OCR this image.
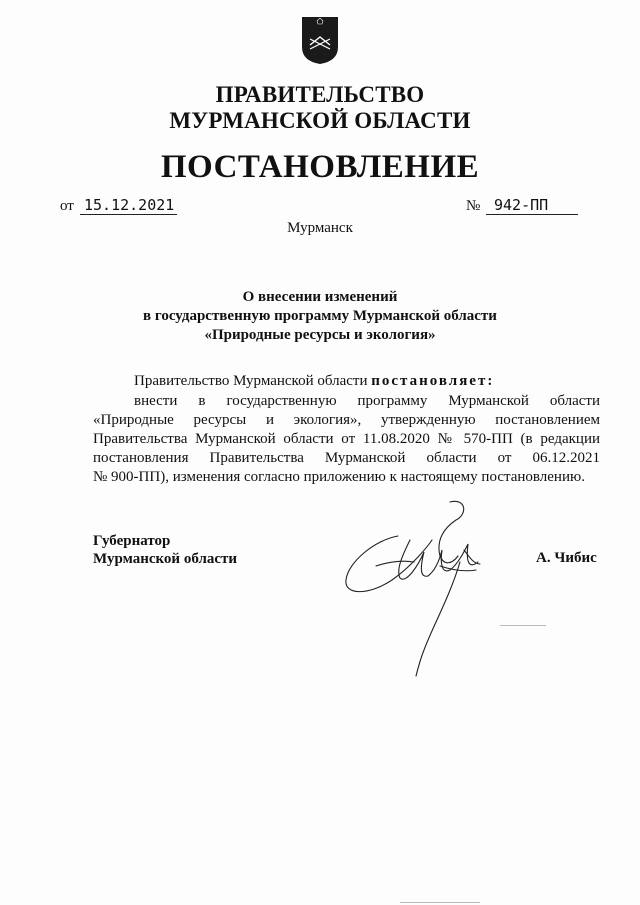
ПРАВИТЕЛЬСТВО
МУРМАНСКОЙ ОБЛАСТИ
ПОСТАНОВЛЕНИЕ
от 15.12.2021	№ 942-ПП
Мурманск
О внесении изменений
в государственную программу Мурманской области
«Природные ресурсы и экология»
Правительство Мурманской области постановляет:
внести в государственную программу Мурманской области
«Природные ресурсы и экология», утвержденную постановлением
Правительства Мурманской области от 11.08.2020 № 570-ПП (в редакции
постановления Правительства Мурманской области от 06.12.2021
№ 900-ПП), изменения согласно приложению к настоящему постановлению.
Губернатор
Мурманской области	А. Чибис
